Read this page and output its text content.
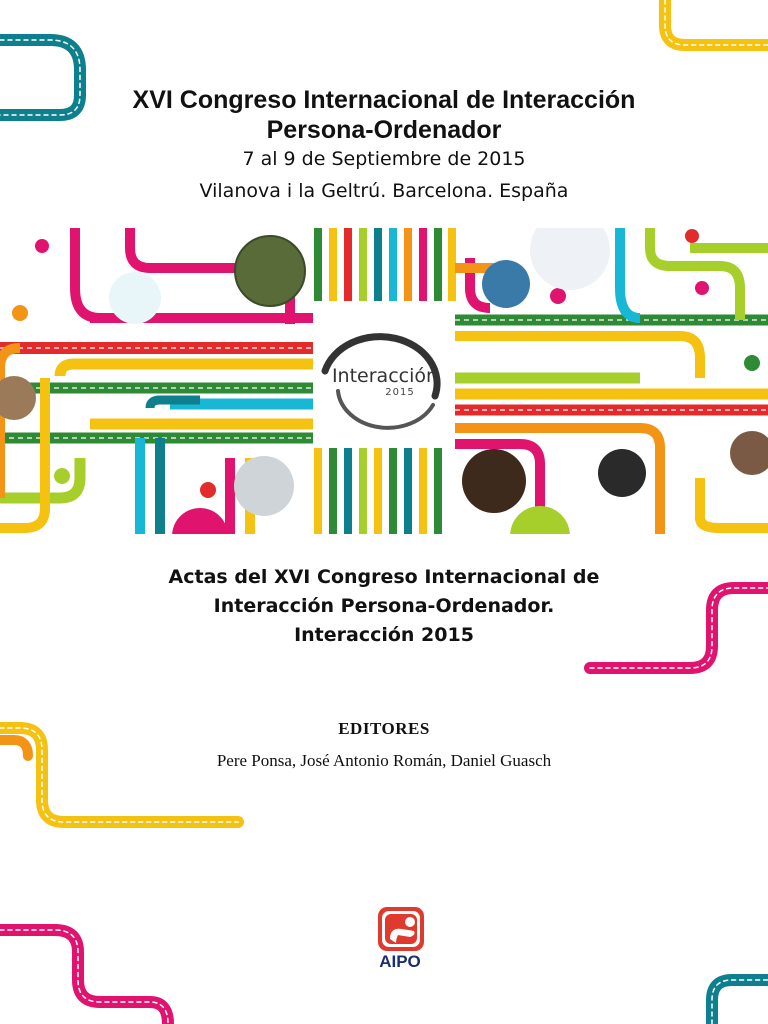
XVI Congreso Internacional de Interacción
Persona-Ordenador
7 al 9 de Septiembre de 2015
Vilanova i la Geltrú. Barcelona. España
Interacción
2015
Actas del XVI Congreso Internacional de
Interacción Persona-Ordenador.
Interacción 2015
EDITORES
Pere Ponsa, José Antonio Román, Daniel Guasch
AIPO
